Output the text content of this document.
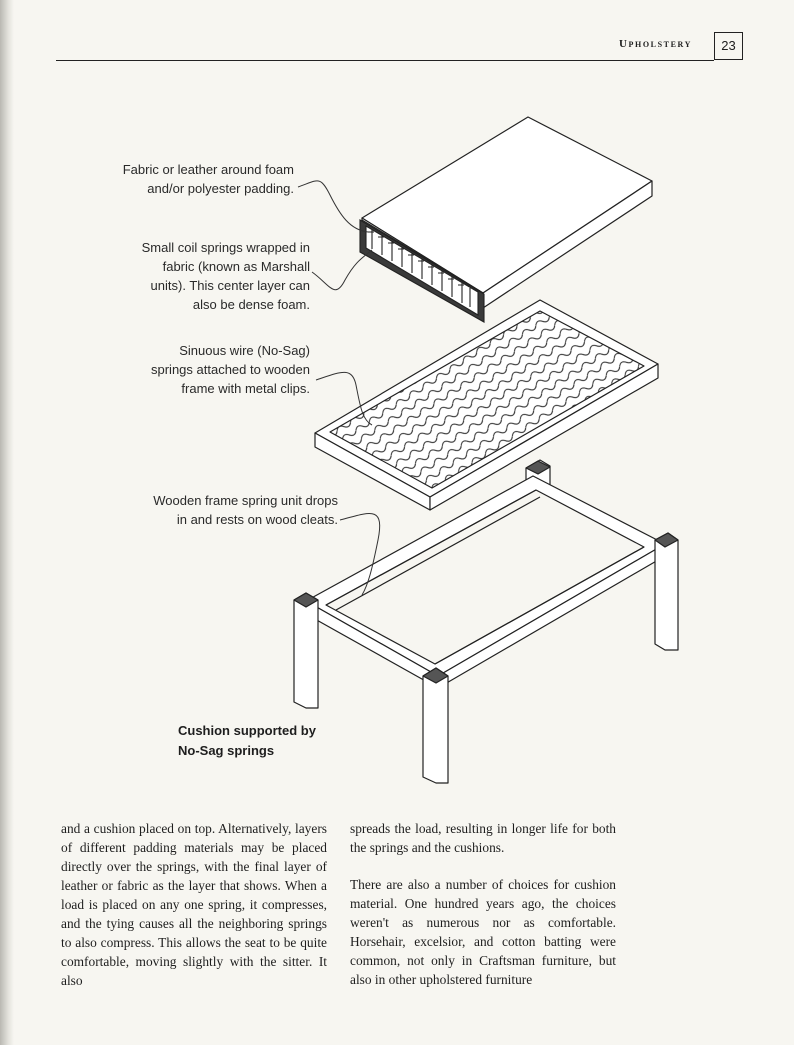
Upholstery	23
Fabric or leather around foam
and/or polyester padding.
Small coil springs wrapped in
fabric (known as Marshall
units). This center layer can
also be dense foam.
Sinuous wire (No-Sag)
springs attached to wooden
frame with metal clips.
Wooden frame spring unit drops
in and rests on wood cleats.
Cushion supported by
No-Sag springs

and a cushion placed on top. Alternatively, layers of different padding materials may be placed directly over the springs, with the final layer of leather or fabric as the layer that shows. When a load is placed on any one spring, it compresses, and the tying causes all the neighboring springs to also compress. This allows the seat to be quite comfortable, moving slightly with the sitter. It also

spreads the load, resulting in longer life for both the springs and the cushions.

There are also a number of choices for cushion material. One hundred years ago, the choices weren't as numerous nor as comfortable. Horsehair, excelsior, and cotton batting were common, not only in Craftsman furniture, but also in other upholstered furniture
